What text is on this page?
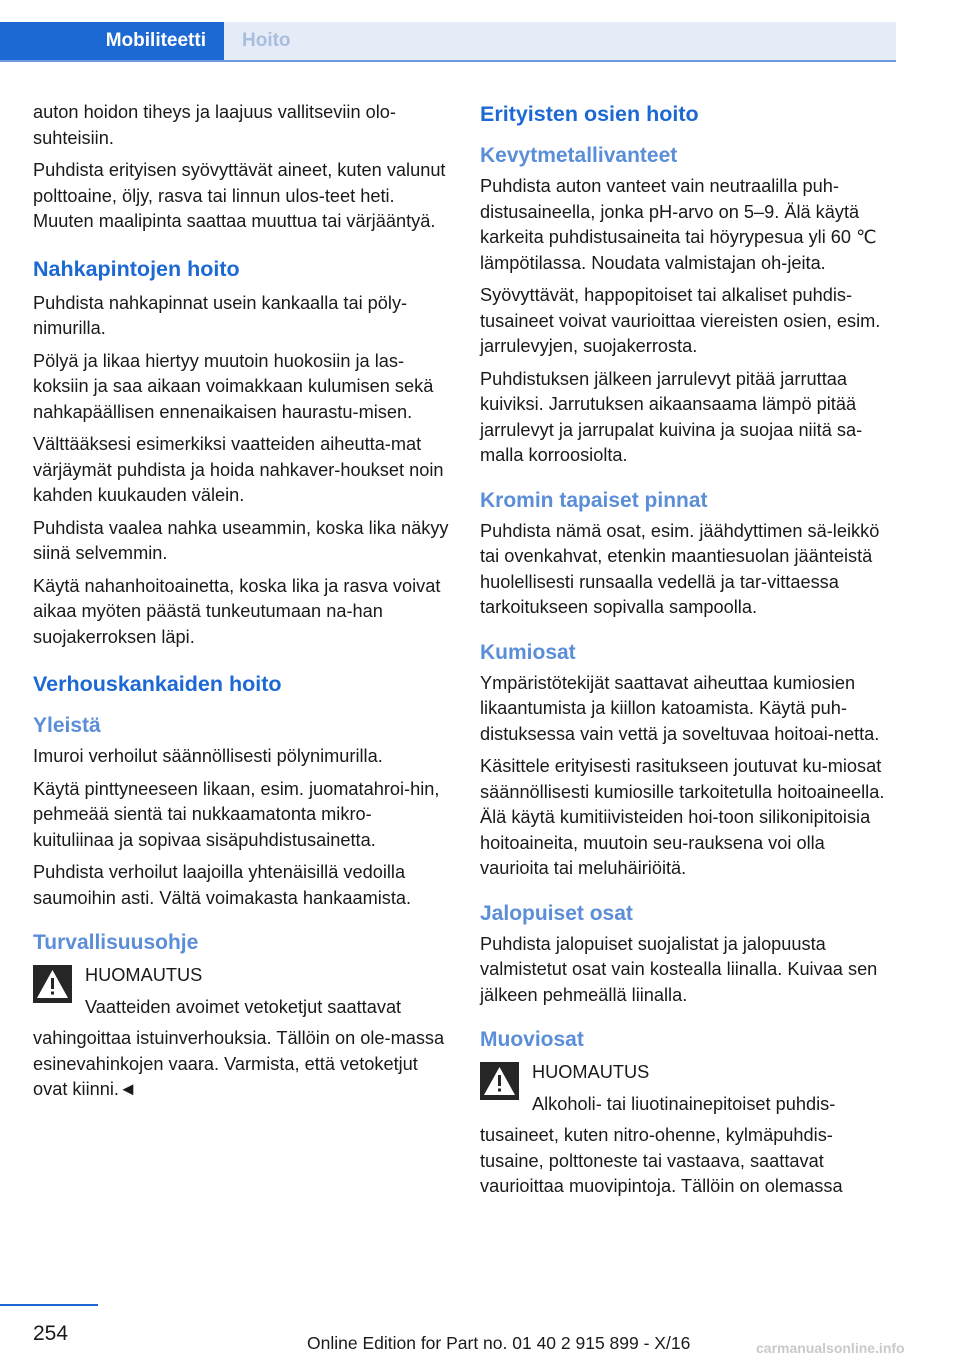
Mobiliteetti	Hoito

auton hoidon tiheys ja laajuus vallitseviin olo-suhteisiin.

Puhdista erityisen syövyttävät aineet, kuten valunut polttoaine, öljy, rasva tai linnun ulos-teet heti. Muuten maalipinta saattaa muuttua tai värjääntyä.

Nahkapintojen hoito

Puhdista nahkapinnat usein kankaalla tai pöly-nimurilla.

Pölyä ja likaa hiertyy muutoin huokosiin ja las-koksiin ja saa aikaan voimakkaan kulumisen sekä nahkapäällisen ennenaikaisen haurastu-misen.

Välttääksesi esimerkiksi vaatteiden aiheutta-mat värjäymät puhdista ja hoida nahkaver-houkset noin kahden kuukauden välein.

Puhdista vaalea nahka useammin, koska lika näkyy siinä selvemmin.

Käytä nahanhoitoainetta, koska lika ja rasva voivat aikaa myöten päästä tunkeutumaan na-han suojakerroksen läpi.

Verhouskankaiden hoito
Yleistä

Imuroi verhoilut säännöllisesti pölynimurilla.

Käytä pinttyneeseen likaan, esim. juomatahroi-hin, pehmeää sientä tai nukkaamatonta mikro-kuituliinaa ja sopivaa sisäpuhdistusainetta.

Puhdista verhoilut laajoilla yhtenäisillä vedoilla saumoihin asti. Vältä voimakasta hankaamista.

Turvallisuusohje
HUOMAUTUS
Vaatteiden avoimet vetoketjut saattavat
vahingoittaa istuinverhouksia. Tällöin on ole-massa esinevahinkojen vaara. Varmista, että vetoketjut ovat kiinni.◄
Erityisten osien hoito
Kevytmetallivanteet

Puhdista auton vanteet vain neutraalilla puh-distusaineella, jonka pH-arvo on 5–9. Älä käytä karkeita puhdistusaineita tai höyrypesua yli 60 ℃ lämpötilassa. Noudata valmistajan oh-jeita.

Syövyttävät, happopitoiset tai alkaliset puhdis-tusaineet voivat vaurioittaa viereisten osien, esim. jarrulevyjen, suojakerrosta.

Puhdistuksen jälkeen jarrulevyt pitää jarruttaa kuiviksi. Jarrutuksen aikaansaama lämpö pitää jarrulevyt ja jarrupalat kuivina ja suojaa niitä sa-malla korroosiolta.

Kromin tapaiset pinnat

Puhdista nämä osat, esim. jäähdyttimen sä-leikkö tai ovenkahvat, etenkin maantiesuolan jäänteistä huolellisesti runsaalla vedellä ja tar-vittaessa tarkoitukseen sopivalla sampoolla.

Kumiosat

Ympäristötekijät saattavat aiheuttaa kumiosien likaantumista ja kiillon katoamista. Käytä puh-distuksessa vain vettä ja soveltuvaa hoitoai-netta.

Käsittele erityisesti rasitukseen joutuvat ku-miosat säännöllisesti kumiosille tarkoitetulla hoitoaineella. Älä käytä kumitiivisteiden hoi-toon silikonipitoisia hoitoaineita, muutoin seu-rauksena voi olla vaurioita tai meluhäiriöitä.

Jalopuiset osat

Puhdista jalopuiset suojalistat ja jalopuusta valmistetut osat vain kostealla liinalla. Kuivaa sen jälkeen pehmeällä liinalla.

Muoviosat
HUOMAUTUS
Alkoholi- tai liuotinainepitoiset puhdis-
tusaineet, kuten nitro-ohenne, kylmäpuhdis-tusaine, polttoneste tai vastaava, saattavat vaurioittaa muovipintoja. Tällöin on olemassa
254	Online Edition for Part no. 01 40 2 915 899 - X/16	carmanualsonline.info
